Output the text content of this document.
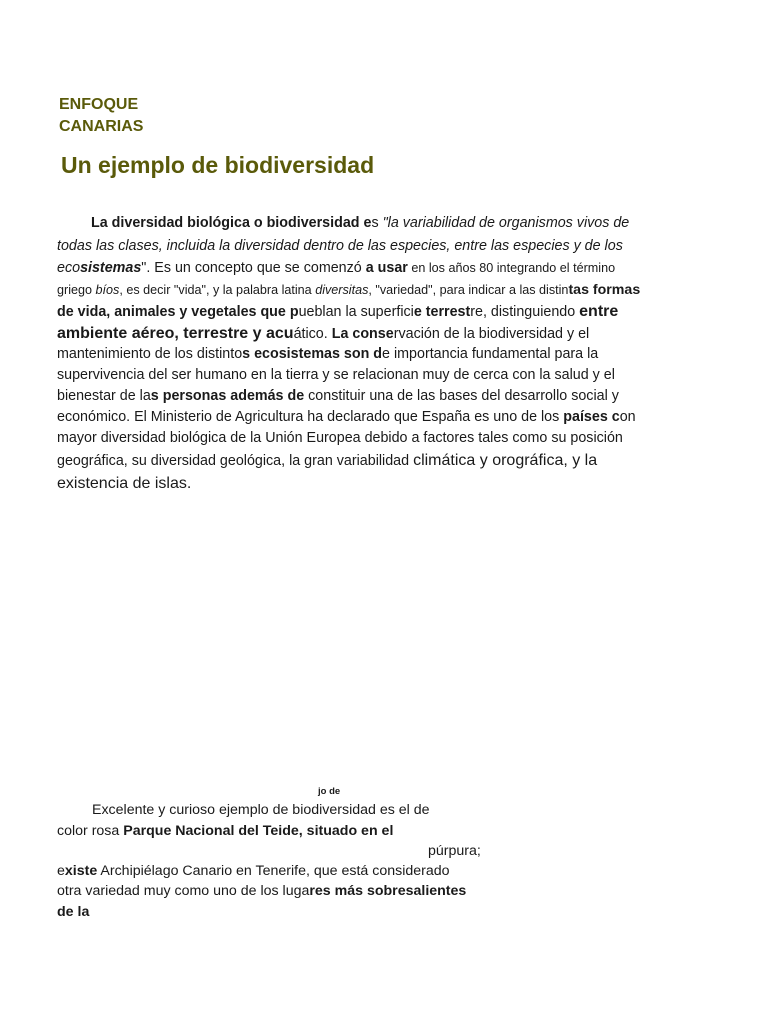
ENFOQUE
CANARIAS
Un ejemplo de biodiversidad
La diversidad biológica o biodiversidad es "la variabilidad de organismos vivos de
todas las clases, incluida la diversidad dentro de las especies, entre las especies y de los
ecosistemas". Es un concepto que se comenzó a usar en los años 80 integrando el término
griego bíos, es decir "vida", y la palabra latina diversitas, "variedad", para indicar a las distintas formas
de vida, animales y vegetales que pueblan la superficie terrestre, distinguiendo entre
ambiente aéreo, terrestre y acuático. La conservación de la biodiversidad y el
mantenimiento de los distintos ecosistemas son de importancia fundamental para la
supervivencia del ser humano en la tierra y se relacionan muy de cerca con la salud y el
bienestar de las personas además de constituir una de las bases del desarrollo social y
económico. El Ministerio de Agricultura ha declarado que España es uno de los países con
mayor diversidad biológica de la Unión Europea debido a factores tales como su posición
geográfica, su diversidad geológica, la gran variabilidad climática y orográfica, y la
existencia de islas.
jo de
Excelente y curioso ejemplo de biodiversidad es el de
color rosa Parque Nacional del Teide, situado en el
púrpura;
existe Archipiélago Canario en Tenerife, que está considerado
otra variedad muy como uno de los lugares más sobresalientes
de la
